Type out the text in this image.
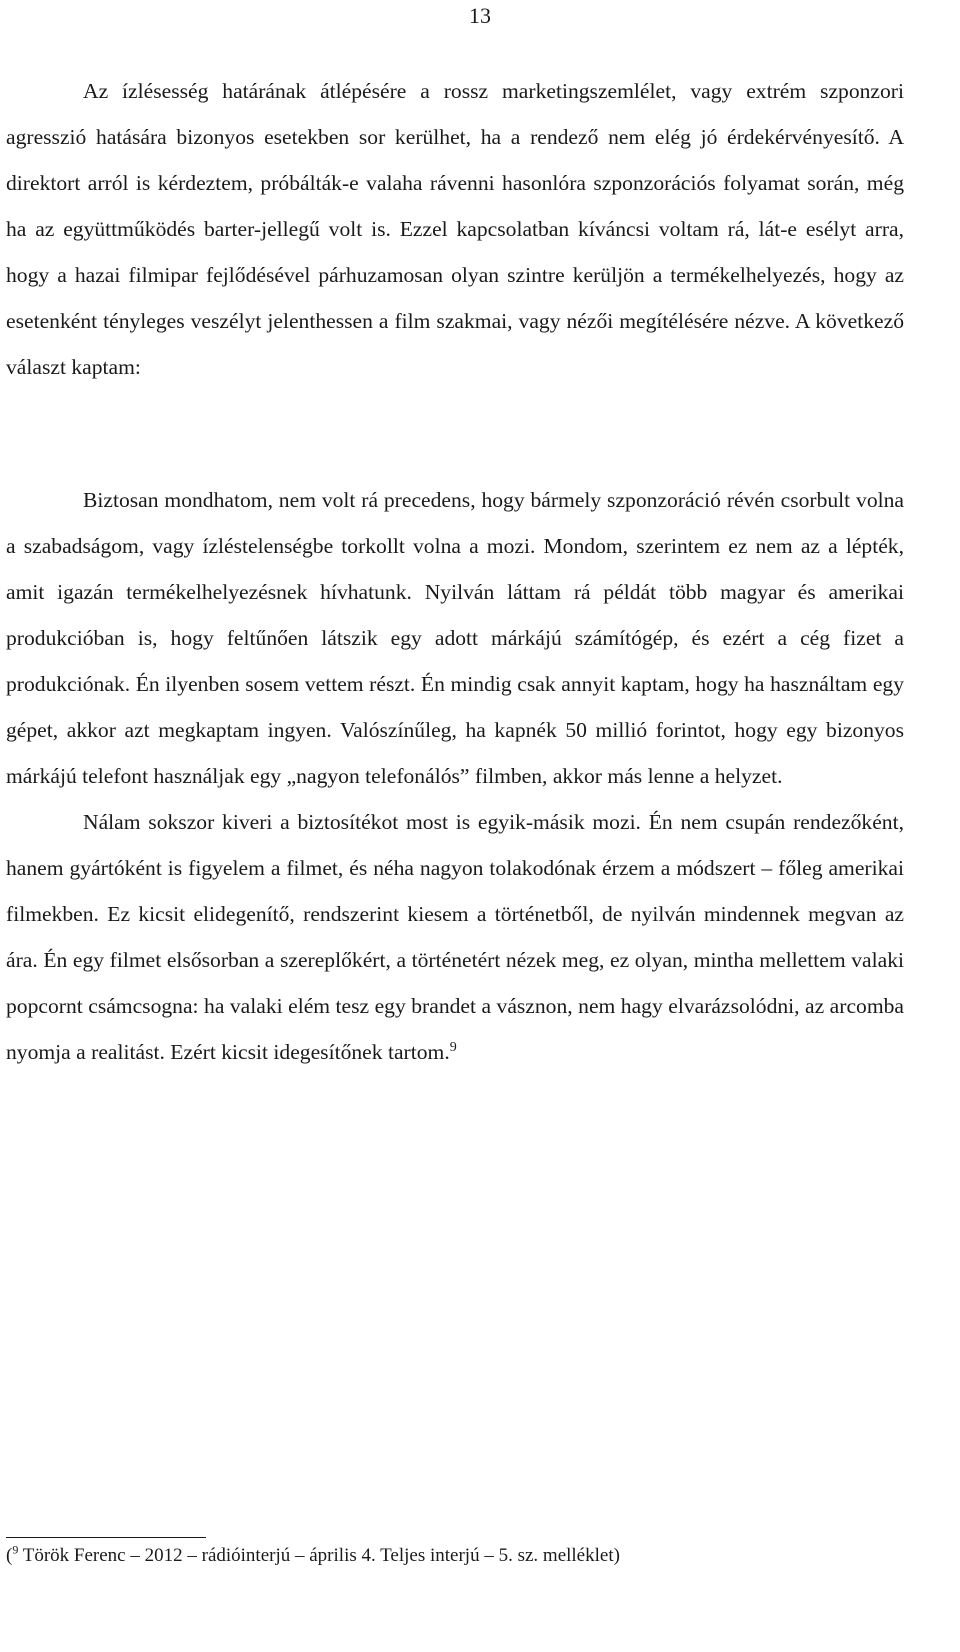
13

Az ízlésesség határának átlépésére a rossz marketingszemlélet, vagy extrém szponzori agresszió hatására bizonyos esetekben sor kerülhet, ha a rendező nem elég jó érdekérvényesítő. A direktort arról is kérdeztem, próbálták-e valaha rávenni hasonlóra szponzorációs folyamat során, még ha az együttműködés barter-jellegű volt is. Ezzel kapcsolatban kíváncsi voltam rá, lát-e esélyt arra, hogy a hazai filmipar fejlődésével párhuzamosan olyan szintre kerüljön a termékelhelyezés, hogy az esetenként tényleges veszélyt jelenthessen a film szakmai, vagy nézői megítélésére nézve. A következő választ kaptam:

Biztosan mondhatom, nem volt rá precedens, hogy bármely szponzoráció révén csorbult volna a szabadságom, vagy ízléstelenségbe torkollt volna a mozi. Mondom, szerintem ez nem az a lépték, amit igazán termékelhelyezésnek hívhatunk. Nyilván láttam rá példát több magyar és amerikai produkcióban is, hogy feltűnően látszik egy adott márkájú számítógép, és ezért a cég fizet a produkciónak. Én ilyenben sosem vettem részt. Én mindig csak annyit kaptam, hogy ha használtam egy gépet, akkor azt megkaptam ingyen. Valószínűleg, ha kapnék 50 millió forintot, hogy egy bizonyos márkájú telefont használjak egy „nagyon telefonálós” filmben, akkor más lenne a helyzet.

Nálam sokszor kiveri a biztosítékot most is egyik-másik mozi. Én nem csupán rendezőként, hanem gyártóként is figyelem a filmet, és néha nagyon tolakodónak érzem a módszert – főleg amerikai filmekben. Ez kicsit elidegenítő, rendszerint kiesem a történetből, de nyilván mindennek megvan az ára. Én egy filmet elsősorban a szereplőkért, a történetért nézek meg, ez olyan, mintha mellettem valaki popcornt csámcsogna: ha valaki elém tesz egy brandet a vásznon, nem hagy elvarázsolódni, az arcomba nyomja a realitást. Ezért kicsit idegesítőnek tartom.$^9$

($^9$ Török Ferenc – 2012 – rádióinterjú – április 4. Teljes interjú – 5. sz. melléklet)
